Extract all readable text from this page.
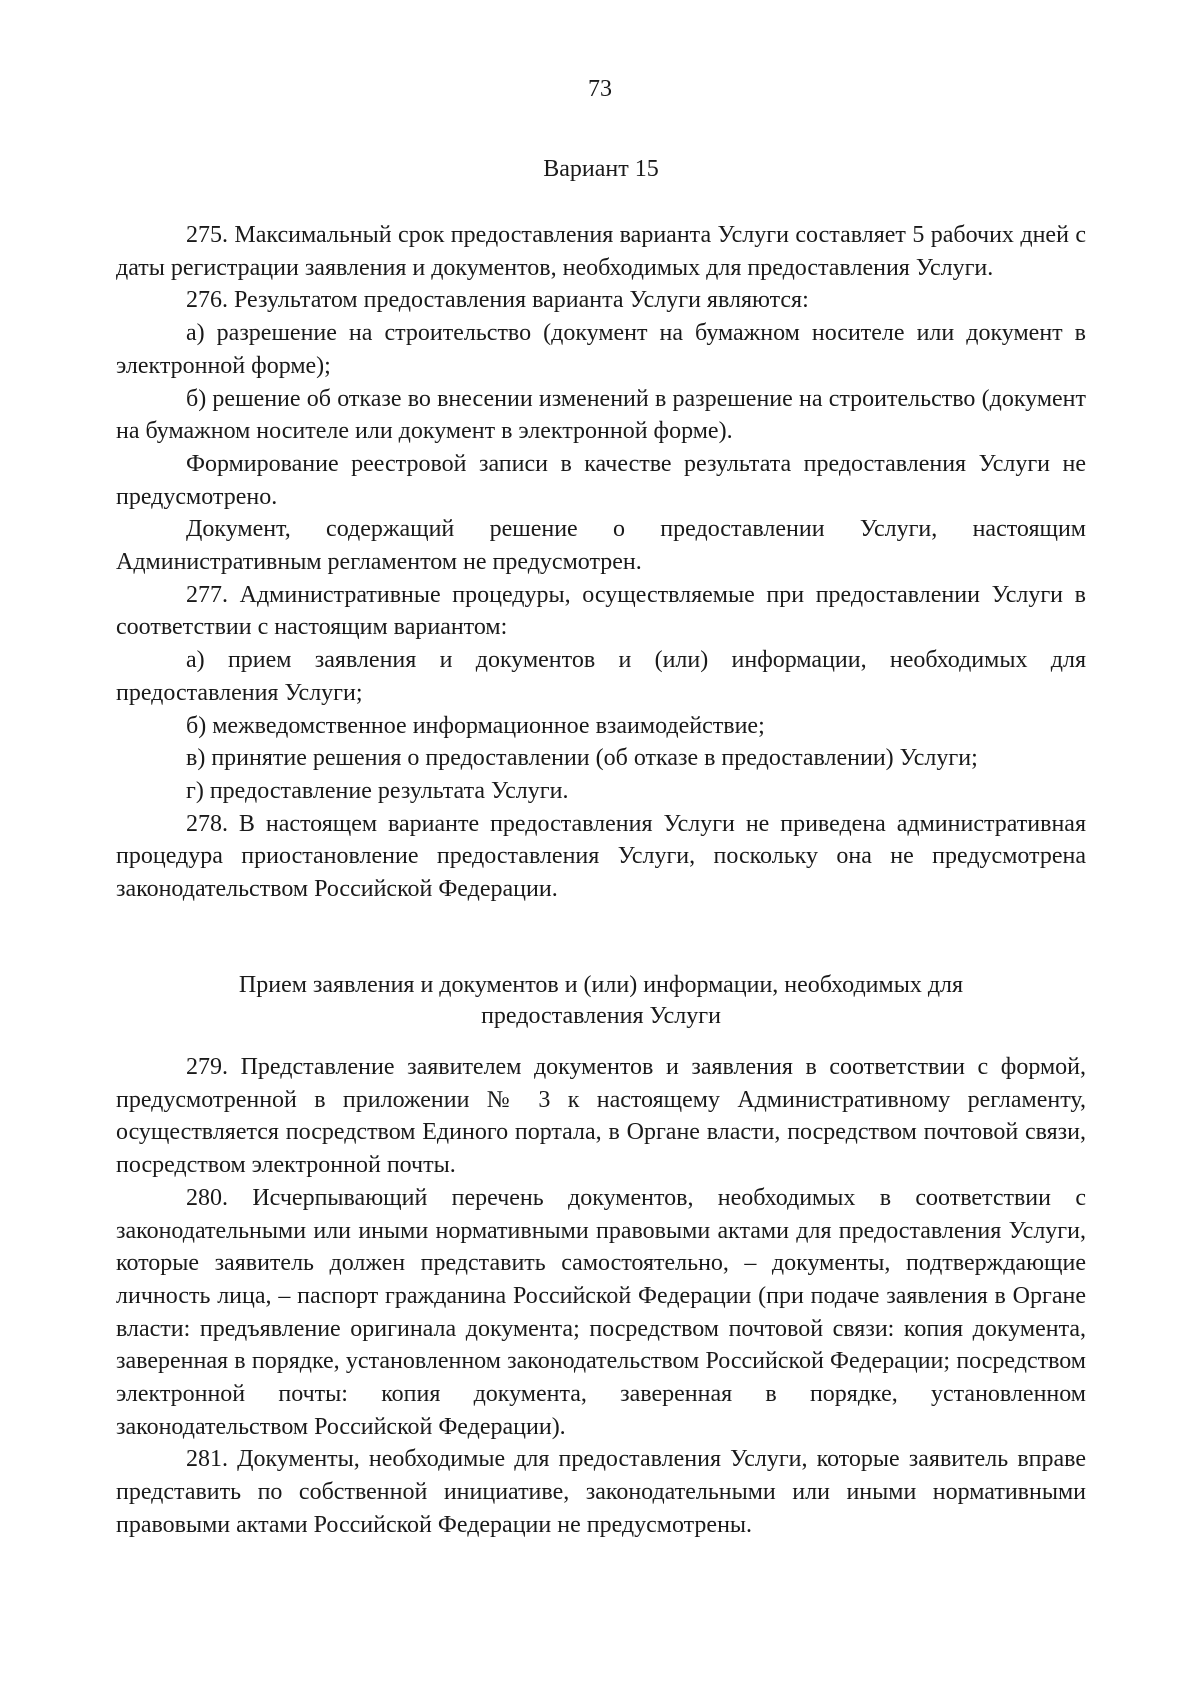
73
Вариант 15

275. Максимальный срок предоставления варианта Услуги составляет 5 рабочих дней с даты регистрации заявления и документов, необходимых для предоставления Услуги.

276. Результатом предоставления варианта Услуги являются:

а) разрешение на строительство (документ на бумажном носителе или документ в электронной форме);

б) решение об отказе во внесении изменений в разрешение на строительство (документ на бумажном носителе или документ в электронной форме).

Формирование реестровой записи в качестве результата предоставления Услуги не предусмотрено.

Документ, содержащий решение о предоставлении Услуги, настоящим Административным регламентом не предусмотрен.

277. Административные процедуры, осуществляемые при предоставлении Услуги в соответствии с настоящим вариантом:

а) прием заявления и документов и (или) информации, необходимых для предоставления Услуги;

б) межведомственное информационное взаимодействие;

в) принятие решения о предоставлении (об отказе в предоставлении) Услуги;

г) предоставление результата Услуги.

278. В настоящем варианте предоставления Услуги не приведена административная процедура приостановление предоставления Услуги, поскольку она не предусмотрена законодательством Российской Федерации.

Прием заявления и документов и (или) информации, необходимых для
предоставления Услуги

279. Представление заявителем документов и заявления в соответствии с формой, предусмотренной в приложении № 3 к настоящему Административному регламенту, осуществляется посредством Единого портала, в Органе власти, посредством почтовой связи, посредством электронной почты.

280. Исчерпывающий перечень документов, необходимых в соответствии с законодательными или иными нормативными правовыми актами для предоставления Услуги, которые заявитель должен представить самостоятельно, – документы, подтверждающие личность лица, – паспорт гражданина Российской Федерации (при подаче заявления в Органе власти: предъявление оригинала документа; посредством почтовой связи: копия документа, заверенная в порядке, установленном законодательством Российской Федерации; посредством электронной почты: копия документа, заверенная в порядке, установленном законодательством Российской Федерации).

281. Документы, необходимые для предоставления Услуги, которые заявитель вправе представить по собственной инициативе, законодательными или иными нормативными правовыми актами Российской Федерации не предусмотрены.
